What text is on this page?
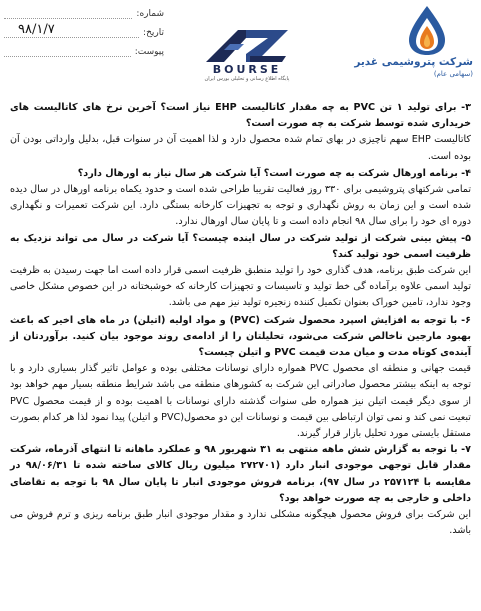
شماره:
تاریخ:
۹۸/۱/۷
پیوست:
BOURSE
پایگاه اطلاع رسانی و تحلیلی بورس ایران
شرکت پتروشیمی غدیر
(سهامی عام)

۳- برای تولید ۱ تن PVC به چه مقدار کاتالیست EHP نیاز است؟ آخرین نرخ های کاتالیست های خریداری شده توسط شرکت به چه صورت است؟

کاتالیست EHP سهم ناچیزی در بهای تمام شده محصول دارد و لذا اهمیت آن در سنوات قبل، بدلیل وارداتی بودن آن بوده است.

۴- برنامه اورهال شرکت به چه صورت است؟ آیا شرکت هر سال نیاز به اورهال دارد؟

تمامی شرکتهای پتروشیمی برای ۳۳۰ روز فعالیت تقریبا طراحی شده است و حدود یکماه برنامه اورهال در سال دیده شده است و این زمان به روش نگهداری و توجه به تجهیزات کارخانه بستگی دارد. این شرکت تعمیرات و نگهداری دوره ای خود را برای سال ۹۸ انجام داده است و تا پایان سال اورهال ندارد.

۵- پیش بینی شرکت از تولید شرکت در سال اینده چیست؟ آیا شرکت در سال می تواند نزدیک به ظرفیت اسمی خود تولید کند؟

این شرکت طبق برنامه، هدف گذاری خود را تولید منطبق ظرفیت اسمی قرار داده است اما جهت رسیدن به ظرفیت تولید اسمی علاوه برآماده گی خط تولید و تاسیسات و تجهیزات کارخانه که خوشبختانه در این خصوص مشکل خاصی وجود ندارد، تامین خوراک بعنوان تکمیل کننده زنجیره تولید نیز مهم می باشد.

۶- با توجه به افزایش اسپرد محصول شرکت (PVC) و مواد اولیه (اتیلن) در ماه های اخیر که باعث بهبود مارجین ناخالص شرکت می‌شود، تحلیلتان را از ادامه‌ی روند موجود بیان کنید. برآوردتان از آینده‌ی کوتاه مدت و میان مدت قیمت PVC و اتیلن چیست؟

قیمت جهانی و منطقه ای محصول PVC همواره دارای نوسانات مختلفی بوده و عوامل تاثیر گذار بسیاری دارد و با توجه به اینکه بیشتر محصول صادراتی این شرکت به کشورهای منطقه می باشد شرایط منطقه بسیار مهم خواهد بود از سوی دیگر قیمت اتیلن نیز همواره طی سنوات گذشته دارای نوسانات با اهمیت بوده و از قیمت محصول PVC تبعیت نمی کند و نمی توان ارتباطی بین قیمت و نوسانات این دو محصول(PVC و اتیلن) پیدا نمود لذا هر کدام بصورت مستقل بایستی مورد تحلیل بازار قرار گیرند.

۷- با توجه به گزارش شش ماهه منتهی به ۳۱ شهریور ۹۸ و عملکرد ماهانه تا انتهای آذرماه، شرکت مقدار قابل توجهی موجودی انبار دارد (۲۷۲۷۰۱ میلیون ریال کالای ساخته شده تا ۹۸/۰۶/۳۱ در مقایسه با ۲۵۷۱۲۴ در سال ۹۷)، برنامه فروش موجودی انبار تا پایان سال ۹۸ با توجه به تقاضای داخلی و خارجی به چه صورت خواهد بود؟

این شرکت برای فروش محصول هیچگونه مشکلی ندارد و مقدار موجودی انبار طبق برنامه ریزی و ترم فروش می باشد.
